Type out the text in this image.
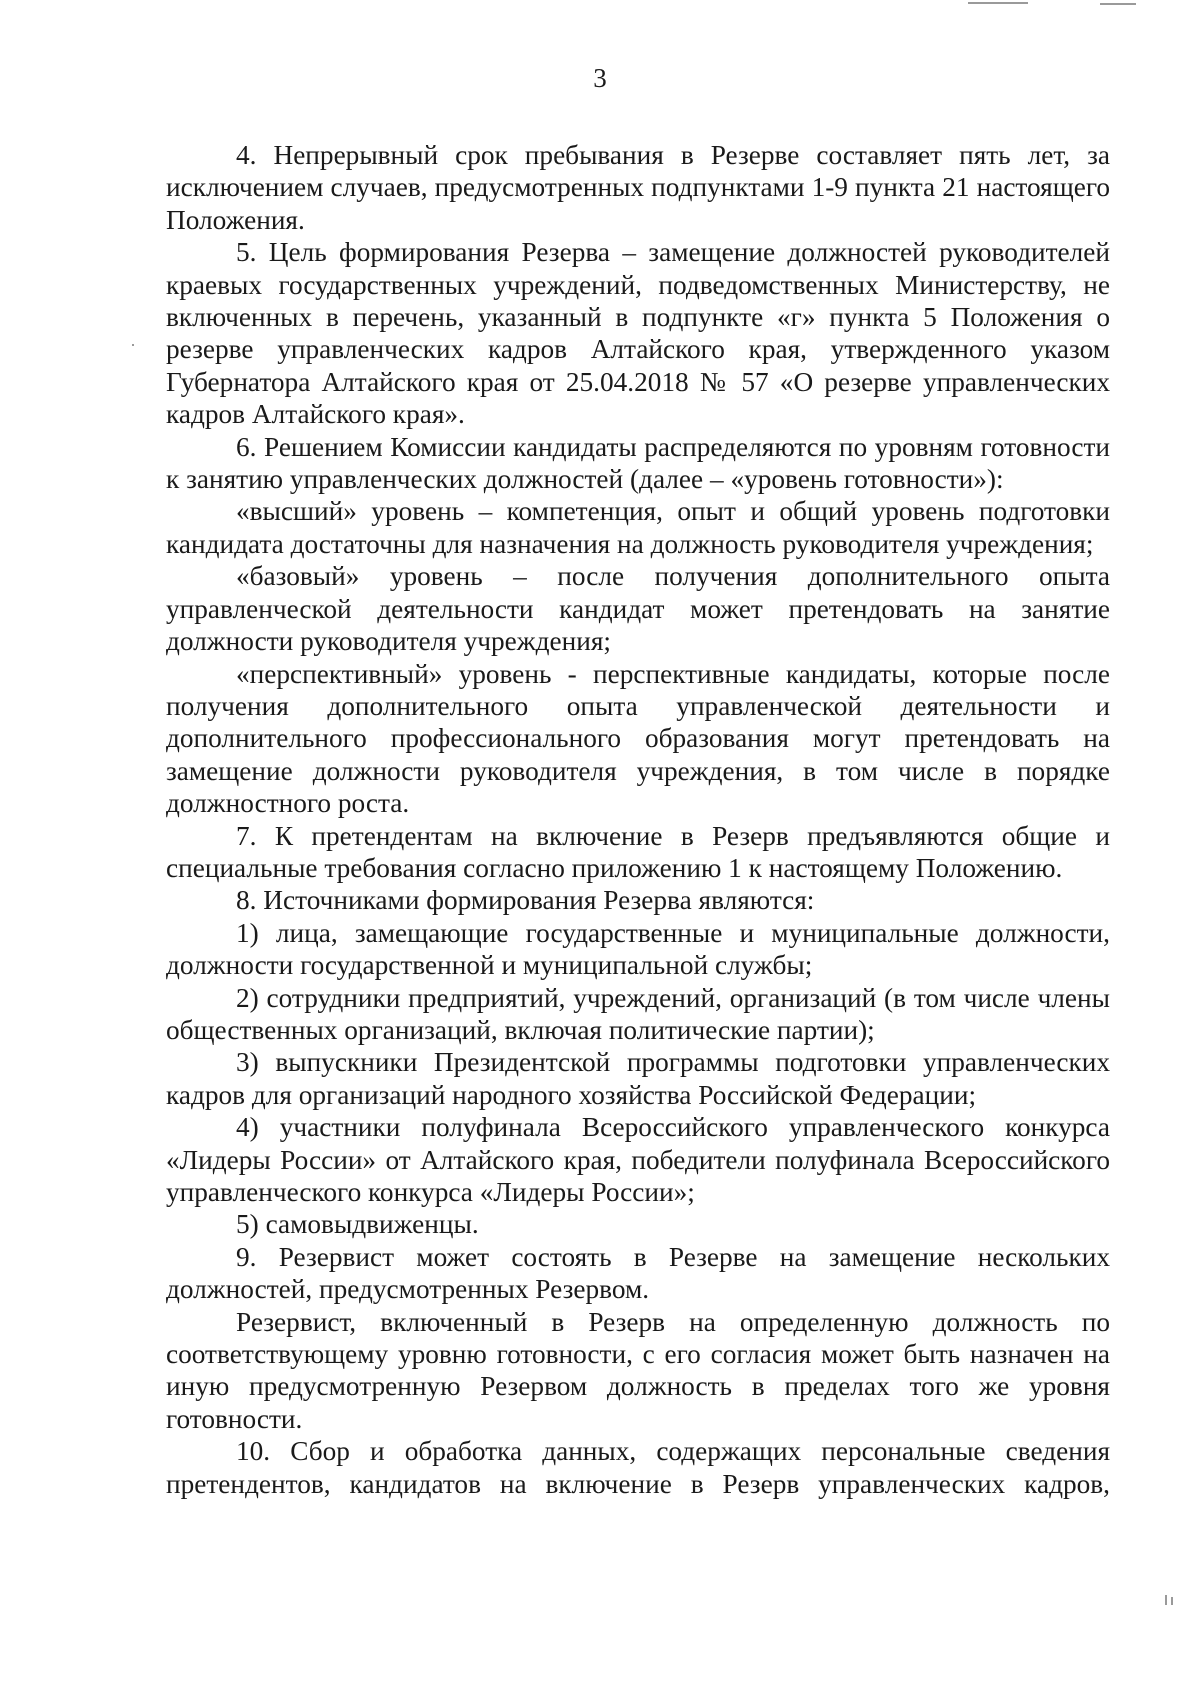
3

4. Непрерывный срок пребывания в Резерве составляет пять лет, за исключением случаев, предусмотренных подпунктами 1-9 пункта 21 настоящего Положения.

5. Цель формирования Резерва – замещение должностей руководителей краевых государственных учреждений, подведомственных Министерству, не включенных в перечень, указанный в подпункте «г» пункта 5 Положения о резерве управленческих кадров Алтайского края, утвержденного указом Губернатора Алтайского края от 25.04.2018 № 57 «О резерве управленческих кадров Алтайского края».

6. Решением Комиссии кандидаты распределяются по уровням готовности к занятию управленческих должностей (далее – «уровень готовности»):

«высший» уровень – компетенция, опыт и общий уровень подготовки кандидата достаточны для назначения на должность руководителя учреждения;

«базовый» уровень – после получения дополнительного опыта управленческой деятельности кандидат может претендовать на занятие должности руководителя учреждения;

«перспективный» уровень - перспективные кандидаты, которые после получения дополнительного опыта управленческой деятельности и дополнительного профессионального образования могут претендовать на замещение должности руководителя учреждения, в том числе в порядке должностного роста.

7. К претендентам на включение в Резерв предъявляются общие и специальные требования согласно приложению 1 к настоящему Положению.

8. Источниками формирования Резерва являются:

1) лица, замещающие государственные и муниципальные должности, должности государственной и муниципальной службы;

2) сотрудники предприятий, учреждений, организаций (в том числе члены общественных организаций, включая политические партии);

3) выпускники Президентской программы подготовки управленческих кадров для организаций народного хозяйства Российской Федерации;

4) участники полуфинала Всероссийского управленческого конкурса «Лидеры России» от Алтайского края, победители полуфинала Всероссийского управленческого конкурса «Лидеры России»;

5) самовыдвиженцы.

9. Резервист может состоять в Резерве на замещение нескольких должностей, предусмотренных Резервом.

Резервист, включенный в Резерв на определенную должность по соответствующему уровню готовности, с его согласия может быть назначен на иную предусмотренную Резервом должность в пределах того же уровня готовности.

10. Сбор и обработка данных, содержащих персональные сведения претендентов, кандидатов на включение в Резерв управленческих кадров,
